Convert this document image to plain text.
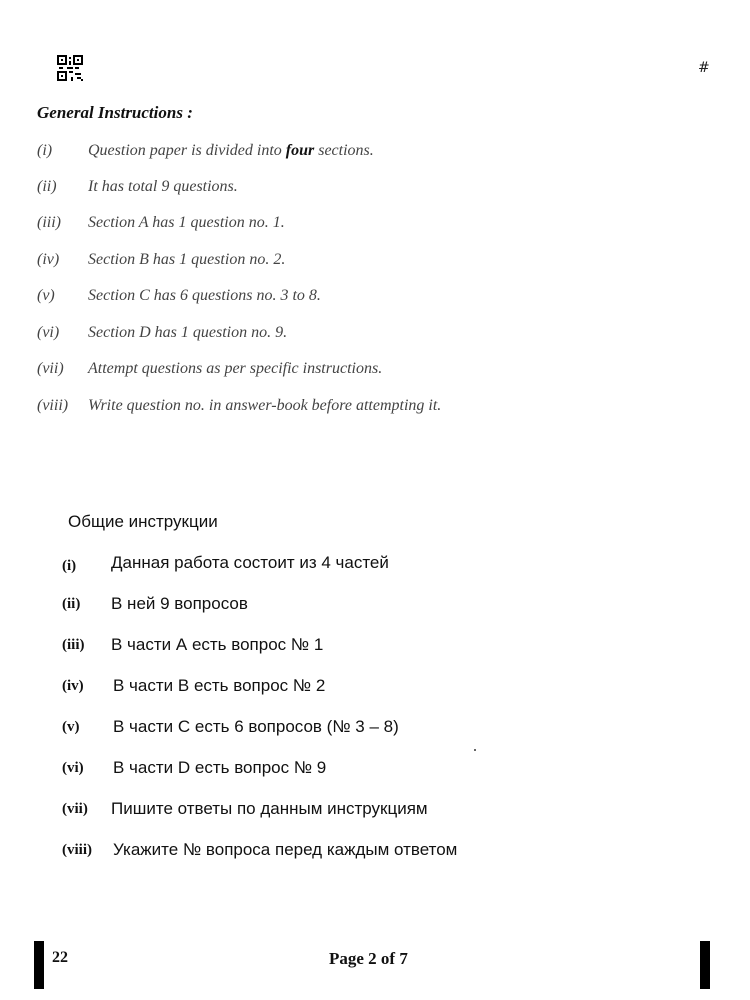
#
General Instructions :
(i) Question paper is divided into four sections.
(ii) It has total 9 questions.
(iii) Section A has 1 question no. 1.
(iv) Section B has 1 question no. 2.
(v) Section C has 6 questions no. 3 to 8.
(vi) Section D has 1 question no. 9.
(vii) Attempt questions as per specific instructions.
(viii) Write question no. in answer-book before attempting it.
Общие инструкции
(i) Данная работа состоит из 4 частей
(ii) В ней 9 вопросов
(iii) В части А есть вопрос № 1
(iv) В части B есть вопрос № 2
(v) В части C есть 6 вопросов (№ 3 – 8)
(vi) В части D есть вопрос № 9
(vii) Пишите ответы по данным инструкциям
(viii) Укажите № вопроса перед каждым ответом
22	Page 2 of 7
